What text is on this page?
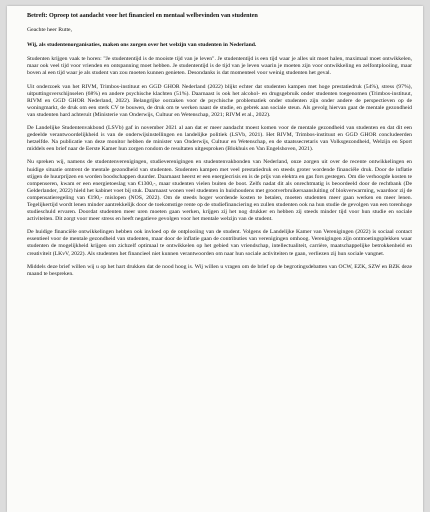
Betreft: Oproep tot aandacht voor het financieel en mentaal welbevinden van studenten

Geachte heer Rutte,

Wij, als studentenorganisaties, maken ons zorgen over het welzijn van studenten in Nederland.

Studenten krijgen vaak te horen: "Je studententijd is de mooiste tijd van je leven". Je studententijd is een tijd waar je alles uit moet halen, maximaal moet ontwikkelen, maar ook veel tijd voor vrienden en ontspanning moet hebben. Je studententijd is de tijd van je leven waarin je moeten zijn voor ontwikkeling en zelfontplooiing, maar boven al een tijd waar je als student van zou moeten kunnen genieten. Desondanks is dat momenteel voor weinig studenten het geval.

Uit onderzoek van het RIVM, Trimbos-instituut en GGD GHOR Nederland (2022) blijkt echter dat studenten kampen met hoge prestatiedruk (54%), stress (97%), uitputtingsverschijnselen (68%) en andere psychische klachten (51%). Daarnaast is ook het alcohol- en drugsgebruik onder studenten toegenomen (Trimbos-instituut, RIVM en GGD GHOR Nederland, 2022). Belangrijke oorzaken voor de psychische problematiek onder studenten zijn onder andere de perspectieven op de woningmarkt, de druk om een sterk CV te bouwen, de druk om te werken naast de studie, en gebrek aan sociale steun. Als gevolg hiervan gaat de mentale gezondheid van studenten hard achteruit (Ministerie van Onderwijs, Cultuur en Wetenschap, 2021; RIVM et al., 2022).

De Landelijke Studentenvakbond (LSVb) gaf in november 2021 al aan dat er meer aandacht moest komen voor de mentale gezondheid van studenten en dat dit een gedeelde verantwoordelijkheid is van de onderwijsinstellingen en landelijke politiek (LSVb, 2021). Het RIVM, Trimbos-instituut en GGD GHOR concludeerden hetzelfde. Na publicatie van deze monitor hebben de minister van Onderwijs, Cultuur en Wetenschap, en de staatssecretaris van Volksgezondheid, Welzijn en Sport middels een brief naar de Eerste Kamer hun zorgen rondom de resultaten uitgesproken (Blokhuis en Van Engelshoven, 2021).

Nu spreken wij, namens de studentenverenigingen, studieverenigingen en studentenvakbonden van Nederland, onze zorgen uit over de recente ontwikkelingen en huidige situatie omtrent de mentale gezondheid van studenten. Studenten kampen met veel prestatiedruk en steeds groter wordende financiële druk. Door de inflatie stijgen de huurprijzen en worden boodschappen duurder. Daarnaast heerst er een energiecrisis en is de prijs van elektra en gas fors gestegen. Om die verhoogde kosten te compenseren, kwam er een energietoeslag van €1300,-, maar studenten vielen buiten de boot. Zelfs nadat dit als onrechtmatig is beoordeeld door de rechtbank (De Gelderlander, 2022) hield het kabinet voet bij stuk. Daarnaast wonen veel studenten in huishoudens met grootverbruikersaansluiting of blokverwarming, waardoor zij de compensatieregeling van €190,- mislopen (NOS, 2022). Om de steeds hoger wordende kosten te betalen, moeten studenten meer gaan werken en meer lenen. Tegelijkertijd wordt lenen minder aantrekkelijk door de toekomstige rente op de studiefinanciering en zullen studenten ook na hun studie de gevolgen van een torenhoge studieschuld ervaren. Doordat studenten meer uren moeten gaan werken, krijgen zij het nog drukker en hebben zij steeds minder tijd voor hun studie en sociale activiteiten. Dit zorgt voor meer stress en heeft negatieve gevolgen voor het mentale welzijn van de student.

De huidige financiële ontwikkelingen hebben ook invloed op de ontplooiing van de student. Volgens de Landelijke Kamer van Verenigingen (2022) is sociaal contact essentieel voor de mentale gezondheid van studenten, maar door de inflatie gaan de contributies van verenigingen omhoog. Verenigingen zijn ontmoetingsplekken waar studenten de mogelijkheid krijgen om zichzelf optimaal te ontwikkelen op het gebied van vriendschap, intellectualiteit, carrière, maatschappelijke betrokkenheid en creativiteit (LKvV, 2022). Als studenten het financieel niet kunnen verantwoorden om naar hun sociale activiteiten te gaan, verliezen zij hun sociale vangnet.

Middels deze brief willen wij u op het hart drukken dat de nood hoog is. Wij willen u vragen om de brief op de begrotingsdebatten van OCW, EZK, SZW en BZK deze maand te bespreken.
